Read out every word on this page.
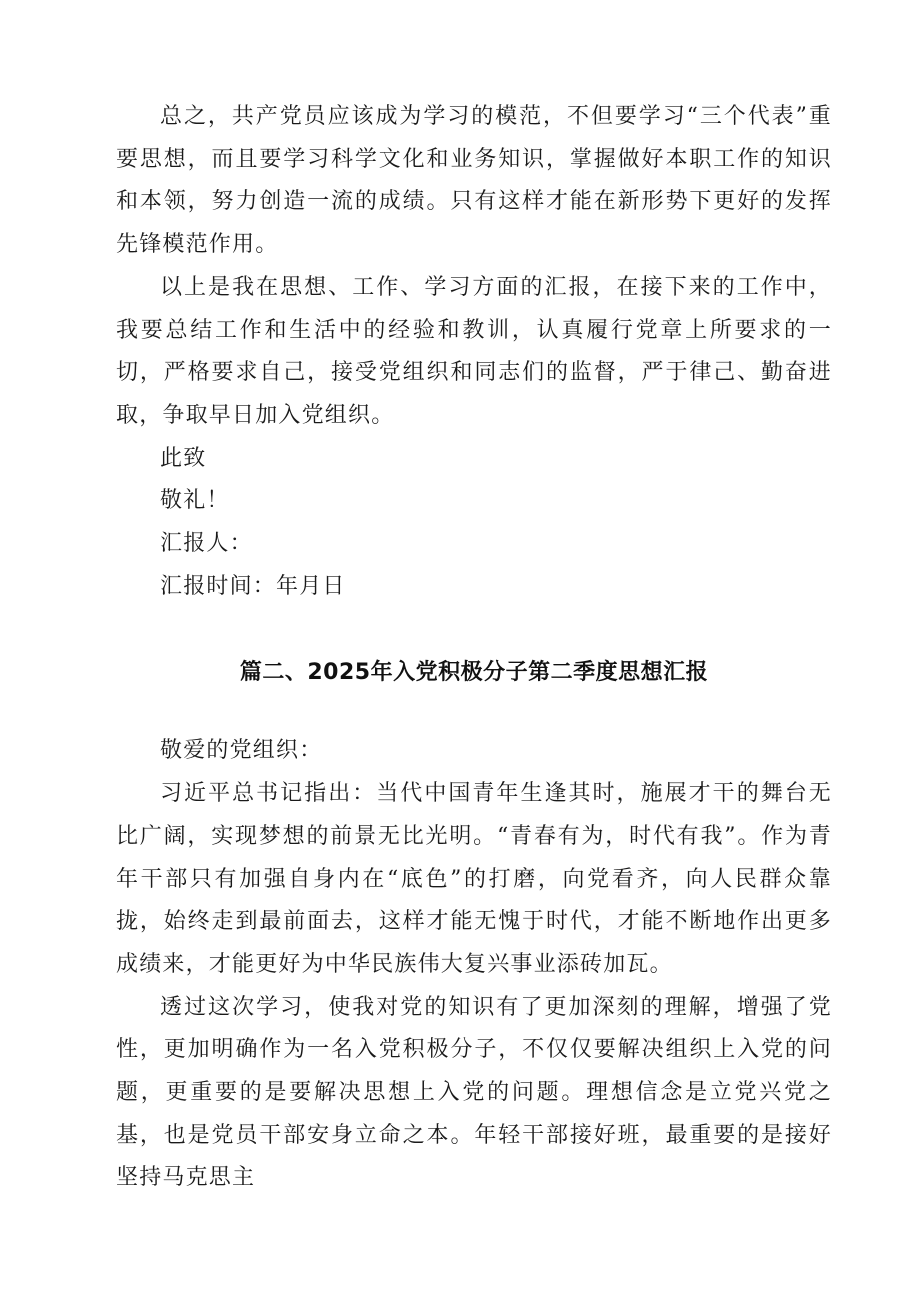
总之，共产党员应该成为学习的模范，不但要学习“三个代表”重要思想，而且要学习科学文化和业务知识，掌握做好本职工作的知识和本领，努力创造一流的成绩。只有这样才能在新形势下更好的发挥先锋模范作用。

以上是我在思想、工作、学习方面的汇报，在接下来的工作中，我要总结工作和生活中的经验和教训，认真履行党章上所要求的一切，严格要求自己，接受党组织和同志们的监督，严于律己、勤奋进取，争取早日加入党组织。

此致

敬礼！

汇报人：

汇报时间：年月日

篇二、2025年入党积极分子第二季度思想汇报

敬爱的党组织：

习近平总书记指出：当代中国青年生逢其时，施展才干的舞台无比广阔，实现梦想的前景无比光明。“青春有为，时代有我”。作为青年干部只有加强自身内在“底色”的打磨，向党看齐，向人民群众靠拢，始终走到最前面去，这样才能无愧于时代，才能不断地作出更多成绩来，才能更好为中华民族伟大复兴事业添砖加瓦。

透过这次学习，使我对党的知识有了更加深刻的理解，增强了党性，更加明确作为一名入党积极分子，不仅仅要解决组织上入党的问题，更重要的是要解决思想上入党的问题。理想信念是立党兴党之基，也是党员干部安身立命之本。年轻干部接好班，最重要的是接好坚持马克思主
